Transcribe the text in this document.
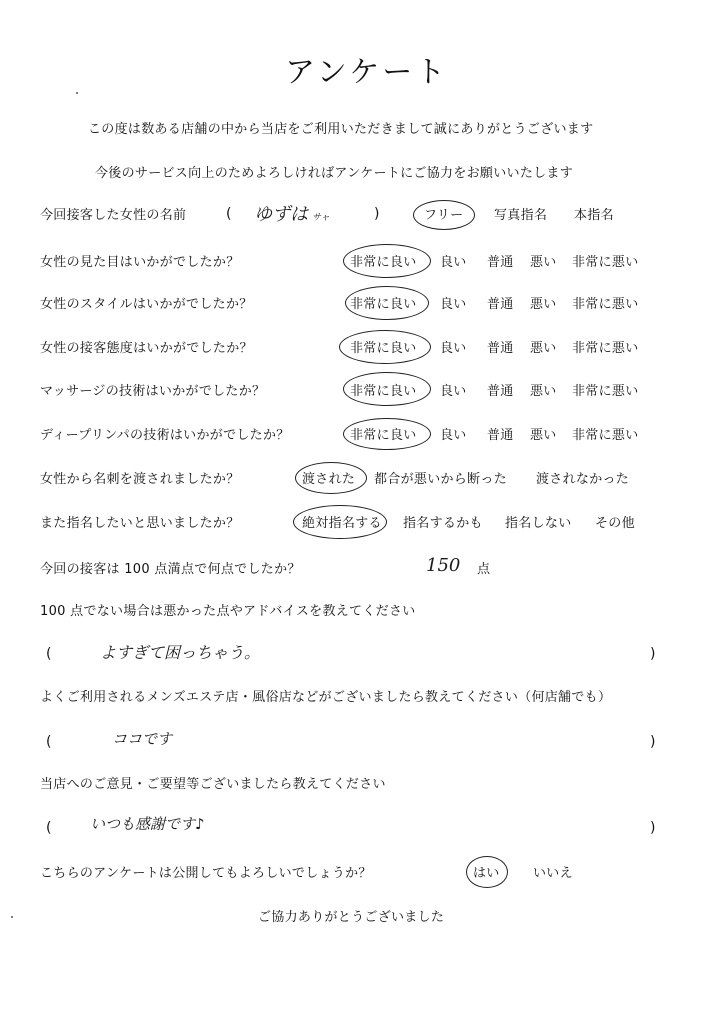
アンケート
この度は数ある店舗の中から当店をご利用いただきまして誠にありがとうございます
今後のサービス向上のためよろしければアンケートにご協力をお願いいたします
今回接客した女性の名前	( ゆずは サャ	)	フリー 写真指名 本指名
女性の見た目はいかがでしたか？	非常に良い 良い 普通 悪い 非常に悪い
女性のスタイルはいかがでしたか？	非常に良い 良い 普通 悪い 非常に悪い
女性の接客態度はいかがでしたか？	非常に良い 良い 普通 悪い 非常に悪い
マッサージの技術はいかがでしたか？	非常に良い 良い 普通 悪い 非常に悪い
ディープリンパの技術はいかがでしたか？	非常に良い 良い 普通 悪い 非常に悪い
女性から名刺を渡されましたか？	渡された 都合が悪いから断った 渡されなかった
また指名したいと思いましたか？	絶対指名する 指名するかも 指名しない その他
今回の接客は 100 点満点で何点でしたか？	150 点
100 点でない場合は悪かった点やアドバイスを教えてください
(	よすぎて困っちゃう。	)
よくご利用されるメンズエステ店・風俗店などがございましたら教えてください（何店舗でも）
(	ココです	)
当店へのご意見・ご要望等ございましたら教えてください
(	いつも感謝です♪	)
こちらのアンケートは公開してもよろしいでしょうか？	はい	いいえ
ご協力ありがとうございました
